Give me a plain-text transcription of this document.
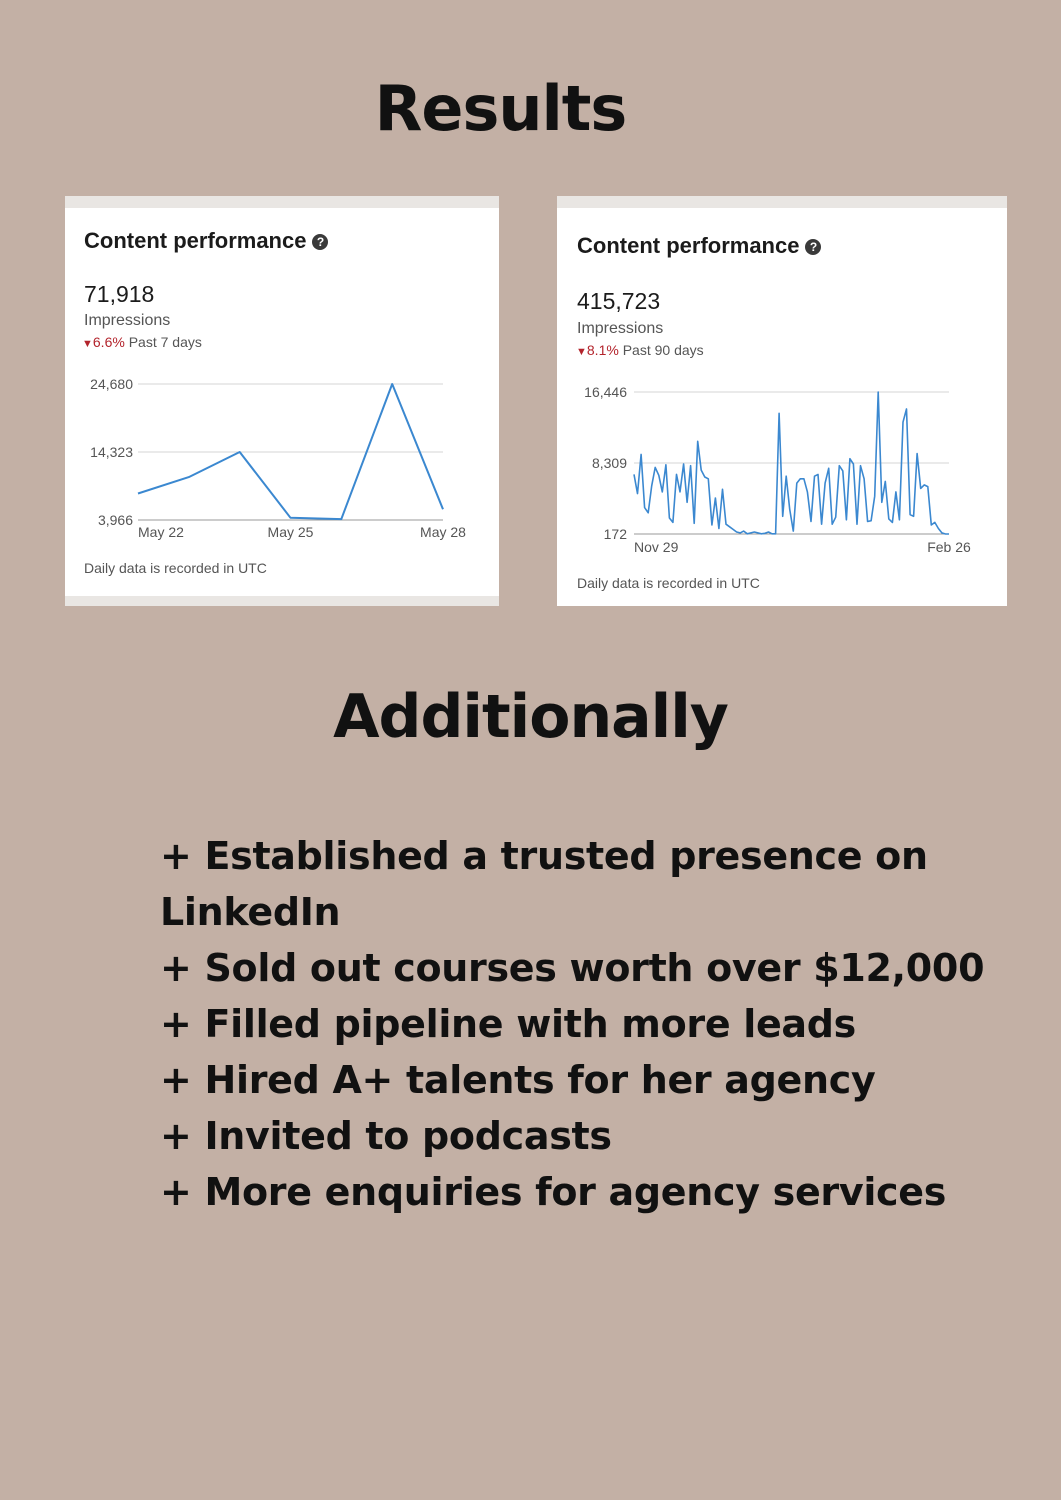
Results
Content performance ?
71,918
Impressions
▼6.6% Past 7 days
24,680
14,323
3,966
May 22	May 25	May 28
Daily data is recorded in UTC
Content performance ?
415,723
Impressions
▼8.1% Past 90 days
16,446
8,309
172
Nov 29	Feb 26
Daily data is recorded in UTC
Additionally
+ Established a trusted presence on
LinkedIn
+ Sold out courses worth over $12,000
+ Filled pipeline with more leads
+ Hired A+ talents for her agency
+ Invited to podcasts
+ More enquiries for agency services
